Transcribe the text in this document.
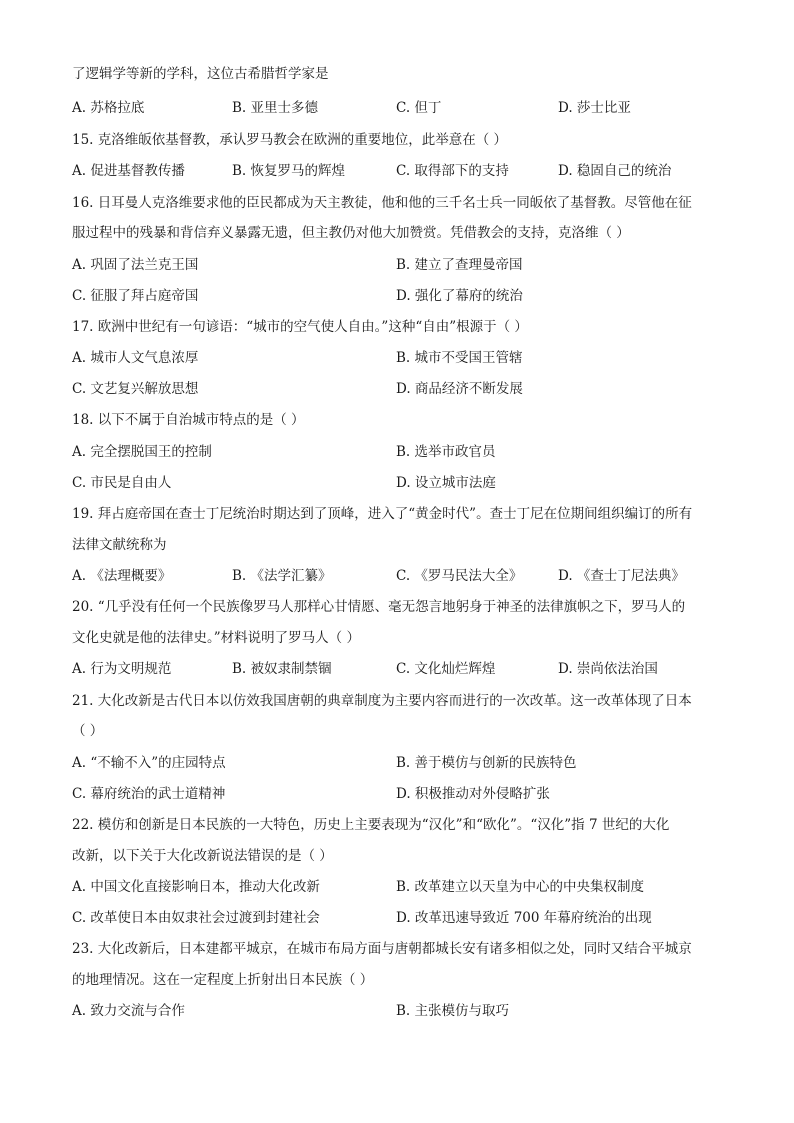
了逻辑学等新的学科，这位古希腊哲学家是
A. 苏格拉底	B. 亚里士多德	C. 但丁	D. 莎士比亚
15. 克洛维皈依基督教，承认罗马教会在欧洲的重要地位，此举意在（ ）
A. 促进基督教传播	B. 恢复罗马的辉煌	C. 取得部下的支持	D. 稳固自己的统治
16. 日耳曼人克洛维要求他的臣民都成为天主教徒，他和他的三千名士兵一同皈依了基督教。尽管他在征
服过程中的残暴和背信弃义暴露无遗，但主教仍对他大加赞赏。凭借教会的支持，克洛维（ ）
A. 巩固了法兰克王国	B. 建立了查理曼帝国
C. 征服了拜占庭帝国	D. 强化了幕府的统治
17. 欧洲中世纪有一句谚语：“城市的空气使人自由。”这种“自由”根源于（ ）
A. 城市人文气息浓厚	B. 城市不受国王管辖
C. 文艺复兴解放思想	D. 商品经济不断发展
18. 以下不属于自治城市特点的是（ ）
A. 完全摆脱国王的控制	B. 选举市政官员
C. 市民是自由人	D. 设立城市法庭
19. 拜占庭帝国在查士丁尼统治时期达到了顶峰，进入了“黄金时代”。查士丁尼在位期间组织编订的所有
法律文献统称为
A. 《法理概要》	B. 《法学汇纂》	C. 《罗马民法大全》	D. 《查士丁尼法典》
20. “几乎没有任何一个民族像罗马人那样心甘情愿、毫无怨言地躬身于神圣的法律旗帜之下，罗马人的
文化史就是他的法律史。”材料说明了罗马人（ ）
A. 行为文明规范	B. 被奴隶制禁锢	C. 文化灿烂辉煌	D. 崇尚依法治国
21. 大化改新是古代日本以仿效我国唐朝的典章制度为主要内容而进行的一次改革。这一改革体现了日本
（ ）
A. “不输不入”的庄园特点	B. 善于模仿与创新的民族特色
C. 幕府统治的武士道精神	D. 积极推动对外侵略扩张
22. 模仿和创新是日本民族的一大特色，历史上主要表现为“汉化”和“欧化”。“汉化”指 7 世纪的大化
改新，以下关于大化改新说法错误的是（ ）
A. 中国文化直接影响日本，推动大化改新	B. 改革建立以天皇为中心的中央集权制度
C. 改革使日本由奴隶社会过渡到封建社会	D. 改革迅速导致近 700 年幕府统治的出现
23. 大化改新后，日本建都平城京，在城市布局方面与唐朝都城长安有诸多相似之处，同时又结合平城京
的地理情况。这在一定程度上折射出日本民族（ ）
A. 致力交流与合作	B. 主张模仿与取巧
